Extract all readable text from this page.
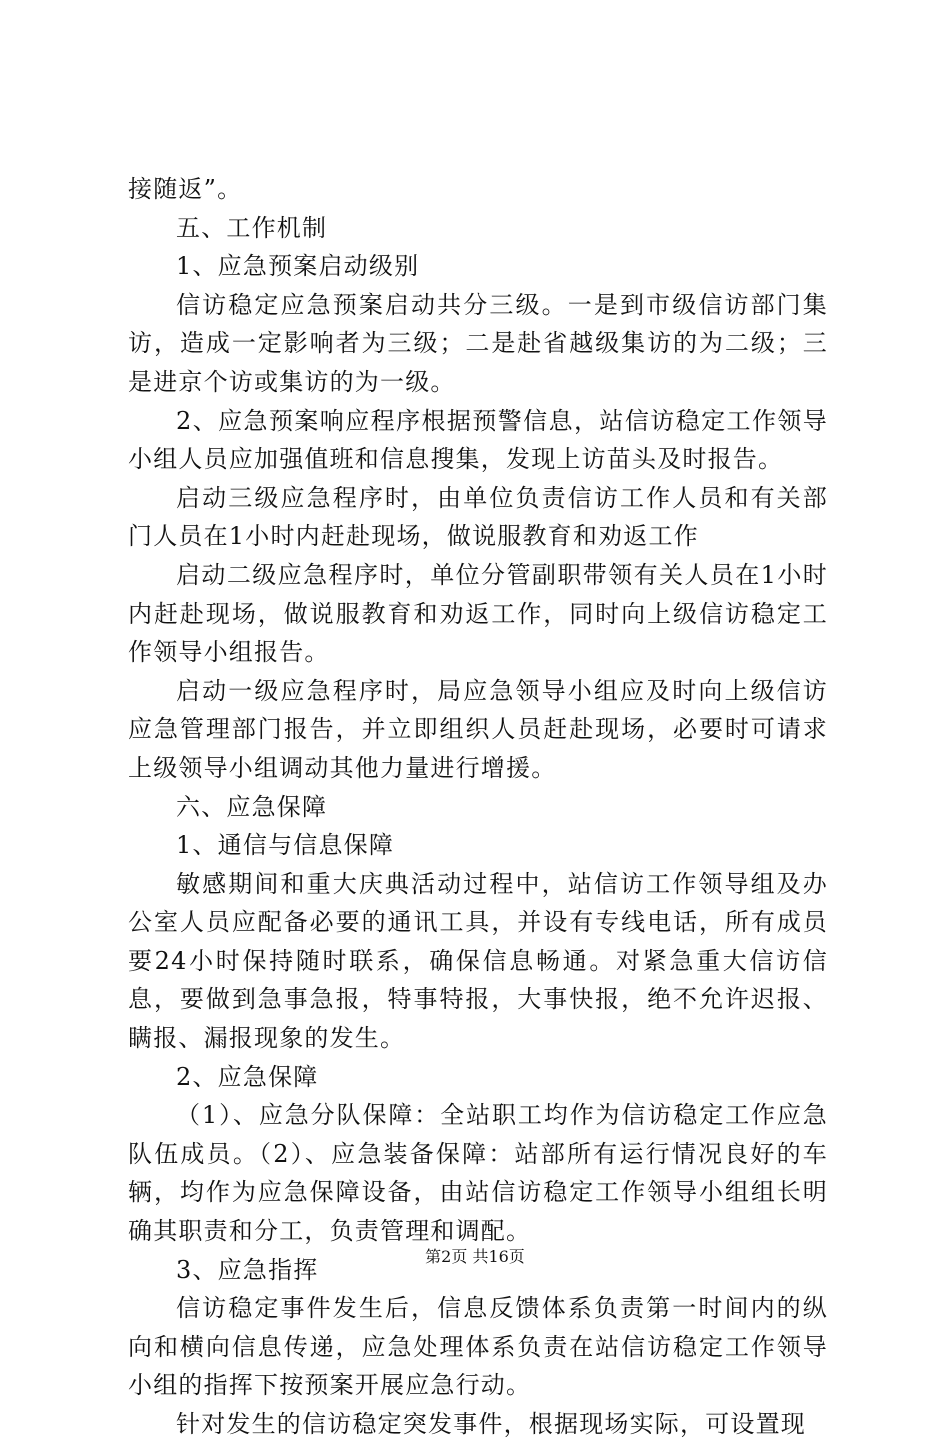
接随返”。

五、工作机制

1、应急预案启动级别

信访稳定应急预案启动共分三级。一是到市级信访部门集访，造成一定影响者为三级；二是赴省越级集访的为二级；三是进京个访或集访的为一级。

2、应急预案响应程序根据预警信息，站信访稳定工作领导小组人员应加强值班和信息搜集，发现上访苗头及时报告。

启动三级应急程序时，由单位负责信访工作人员和有关部门人员在1小时内赶赴现场，做说服教育和劝返工作

启动二级应急程序时，单位分管副职带领有关人员在1小时内赶赴现场，做说服教育和劝返工作，同时向上级信访稳定工作领导小组报告。

启动一级应急程序时，局应急领导小组应及时向上级信访应急管理部门报告，并立即组织人员赶赴现场，必要时可请求上级领导小组调动其他力量进行增援。

六、应急保障

1、通信与信息保障

敏感期间和重大庆典活动过程中，站信访工作领导组及办公室人员应配备必要的通讯工具，并设有专线电话，所有成员要24小时保持随时联系，确保信息畅通。对紧急重大信访信息，要做到急事急报，特事特报，大事快报，绝不允许迟报、瞒报、漏报现象的发生。

2、应急保障

（1）、应急分队保障：全站职工均作为信访稳定工作应急队伍成员。（2）、应急装备保障：站部所有运行情况良好的车辆，均作为应急保障设备，由站信访稳定工作领导小组组长明确其职责和分工，负责管理和调配。

3、应急指挥

信访稳定事件发生后，信息反馈体系负责第一时间内的纵向和横向信息传递，应急处理体系负责在站信访稳定工作领导小组的指挥下按预案开展应急行动。

针对发生的信访稳定突发事件，根据现场实际，可设置现

第2页 共16页
